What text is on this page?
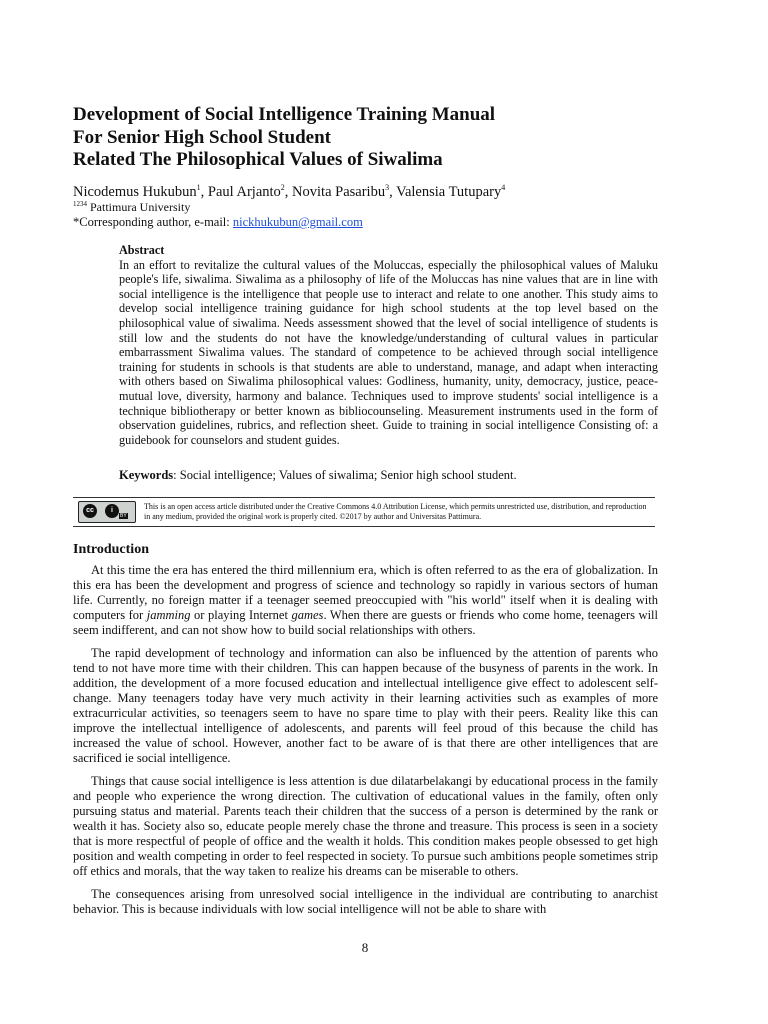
Development of Social Intelligence Training Manual
For Senior High School Student
Related The Philosophical Values of Siwalima
Nicodemus Hukubun$^1$, Paul Arjanto$^2$, Novita Pasaribu$^3$, Valensia Tutupary$^4$
$^{1234}$ Pattimura University
*Corresponding author, e-mail: nickhukubun@gmail.com
Abstract

In an effort to revitalize the cultural values of the Moluccas, especially the philosophical values of Maluku people's life, siwalima. Siwalima as a philosophy of life of the Moluccas has nine values that are in line with social intelligence is the intelligence that people use to interact and relate to one another. This study aims to develop social intelligence training guidance for high school students at the top level based on the philosophical value of siwalima. Needs assessment showed that the level of social intelligence of students is still low and the students do not have the knowledge/understanding of cultural values in particular embarrassment Siwalima values. The standard of competence to be achieved through social intelligence training for students in schools is that students are able to understand, manage, and adapt when interacting with others based on Siwalima philosophical values: Godliness, humanity, unity, democracy, justice, peace-mutual love, diversity, harmony and balance. Techniques used to improve students' social intelligence is a technique bibliotherapy or better known as bibliocounseling. Measurement instruments used in the form of observation guidelines, rubrics, and reflection sheet. Guide to training in social intelligence Consisting of: a guidebook for counselors and student guides.

Keywords: Social intelligence; Values of siwalima; Senior high school student.
cc	i
BY
This is an open access article distributed under the Creative Commons 4.0 Attribution License, which permits unrestricted use, distribution, and reproduction in any medium, provided the original work is properly cited. ©2017 by author and Universitas Pattimura.
Introduction

At this time the era has entered the third millennium era, which is often referred to as the era of globalization. In this era has been the development and progress of science and technology so rapidly in various sectors of human life. Currently, no foreign matter if a teenager seemed preoccupied with "his world" itself when it is dealing with computers for jamming or playing Internet games. When there are guests or friends who come home, teenagers will seem indifferent, and can not show how to build social relationships with others.

The rapid development of technology and information can also be influenced by the attention of parents who tend to not have more time with their children. This can happen because of the busyness of parents in the work. In addition, the development of a more focused education and intellectual intelligence give effect to adolescent self-change. Many teenagers today have very much activity in their learning activities such as examples of more extracurricular activities, so teenagers seem to have no spare time to play with their peers. Reality like this can improve the intellectual intelligence of adolescents, and parents will feel proud of this because the child has increased the value of school. However, another fact to be aware of is that there are other intelligences that are sacrificed ie social intelligence.

Things that cause social intelligence is less attention is due dilatarbelakangi by educational process in the family and people who experience the wrong direction. The cultivation of educational values in the family, often only pursuing status and material. Parents teach their children that the success of a person is determined by the rank or wealth it has. Society also so, educate people merely chase the throne and treasure. This process is seen in a society that is more respectful of people of office and the wealth it holds. This condition makes people obsessed to get high position and wealth competing in order to feel respected in society. To pursue such ambitions people sometimes strip off ethics and morals, that the way taken to realize his dreams can be miserable to others.

The consequences arising from unresolved social intelligence in the individual are contributing to anarchist behavior. This is because individuals with low social intelligence will not be able to share with

8
